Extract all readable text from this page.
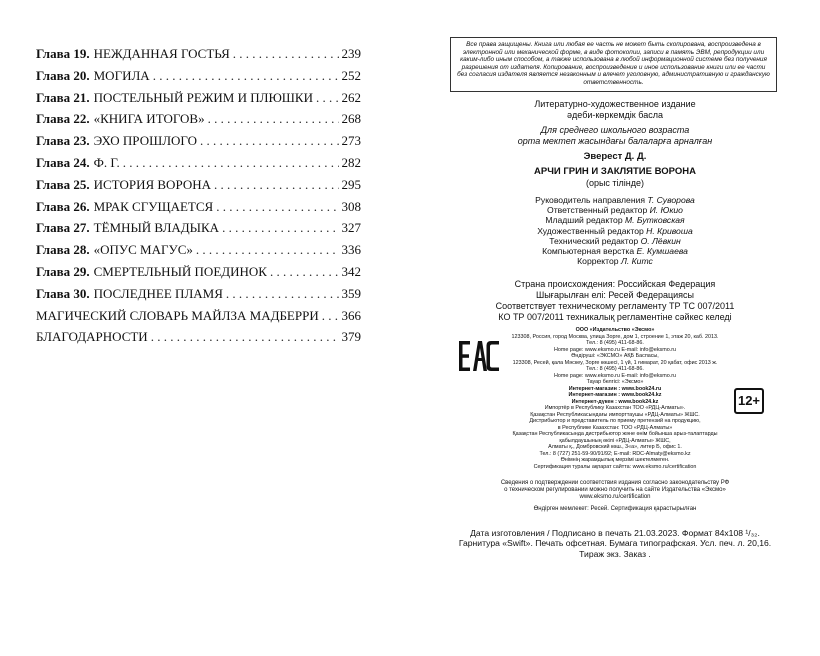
Глава 19. НЕЖДАННАЯ ГОСТЬЯ . . .	239
Глава 20. МОГИЛА . . .	252
Глава 21. ПОСТЕЛЬНЫЙ РЕЖИМ И ПЛЮШКИ . . . 262
Глава 22. «КНИГА ИТОГОВ» . . .	268
Глава 23. ЭХО ПРОШЛОГО . . .	273
Глава 24. Ф. Г. . . .	282
Глава 25. ИСТОРИЯ ВОРОНА . . .	295
Глава 26. МРАК СГУЩАЕТСЯ . . .	308
Глава 27. ТЁМНЫЙ ВЛАДЫКА . . .	327
Глава 28. «ОПУС МАГУС» . . .	336
Глава 29. СМЕРТЕЛЬНЫЙ ПОЕДИНОК . . .	342
Глава 30. ПОСЛЕДНЕЕ ПЛАМЯ . . .	359
МАГИЧЕСКИЙ СЛОВАРЬ МАЙЛЗА МАДБЕРРИ . . . 366
БЛАГОДАРНОСТИ . . .	379
Все права защищены. Книга или любая ее часть не может быть скопирована, воспроизведена в электронной или механической форме, в виде фотокопии, записи в память ЭВМ, репродукции или каким-либо иным способом, а также использована в любой информационной системе без получения разрешения от издателя. Копирование, воспроизведение и иное использование книги или ее части без согласия издателя является незаконным и влечет уголовную, административную и гражданскую ответственность.
Литературно-художественное издание
әдеби-көркемдік басла
Для среднего школьного возраста
орта мектеп жасындағы балаларға арналған
Эверест Д. Д.
АРЧИ ГРИН И ЗАКЛЯТИЕ ВОРОНА
(орыс тілінде)
Руководитель направления Т. Суворова
Ответственный редактор И. Юкио
Младший редактор М. Бутковская
Художественный редактор Н. Кривоша
Технический редактор О. Лёвкин
Компьютерная верстка Е. Кумшаева
Корректор Л. Китс
Страна происхождения: Российская Федерация
Шығарылған елі: Ресей Федерациясы
Соответствует техническому регламенту ТР ТС 007/2011
КО ТР 007/2011 техникалық регламентіне сәйкес келеді
ООО «Издательство «Эксмо»
123308, Россия, город Москва, улица Зорге, дом 1, строение 1, этаж 20, каб. 2013.
Тел.: 8 (495) 411-68-86.
Home page: www.eksmo.ru E-mail: info@eksmo.ru
Өндіруші: «ЭКСМО» АҚБ Баспасы,
123308, Ресей, қала Мәскеу, Зорге көшесі, 1 үй, 1 ғимарат, 20 қабат, офис 2013 ж.
Тел.: 8 (495) 411-68-86.
Home page: www.eksmo.ru E-mail: info@eksmo.ru
Тауар белгісі: «Эксмо»
Интернет-магазин : www.book24.ru
Интернет-магазин : www.book24.kz
Интернет-дүкен : www.book24.kz
Импортёр в Республику Казахстан ТОО «РДЦ-Алматы».
Қазақстан Республикасындағы импорттаушы «РДЦ-Алматы» ЖШС.
Дистрибьютор и представитель по приему претензий на продукцию,
в Республике Казахстан: ТОО «РДЦ-Алматы»
Қазақстан Республикасында дистрибьютор және өнім бойынша арыз-талаптарды
қабылдаушының өкілі «РДЦ-Алматы» ЖШС,
Алматы қ., Домбровский көш., 3«а», литер Б, офис 1.
Тел.: 8 (727) 251-59-90/91/92; E-mail: RDC-Almaty@eksmo.kz
Өнімнің жарамдылық мерзімі шектелмеген.
Сертификация туралы ақпарат сайтта: www.eksmo.ru/certification
12+
Сведения о подтверждении соответствия издания согласно законодательству РФ
о техническом регулировании можно получить на сайте Издательства «Эксмо»
www.eksmo.ru/certification
Өндірген мемлекет: Ресей. Сертификация қарастырылған
Дата изготовления / Подписано в печать 21.03.2023. Формат 84x108 ¹/₃₂.
Гарнитура «Swift». Печать офсетная. Бумага типографская. Усл. печ. л. 20,16.
Тираж экз. Заказ .
